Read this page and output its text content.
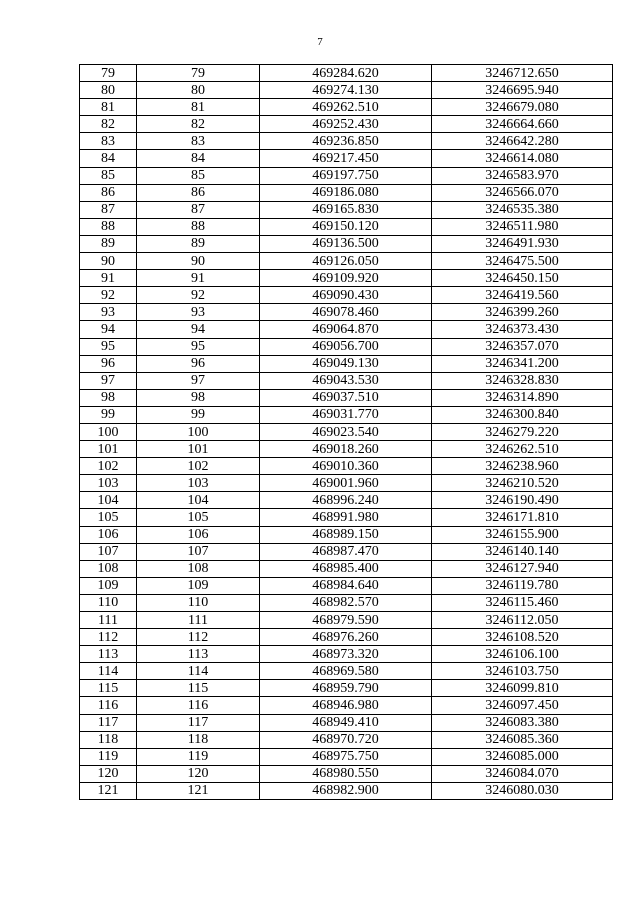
7
79	79	469284.620	3246712.650
80	80	469274.130	3246695.940
81	81	469262.510	3246679.080
82	82	469252.430	3246664.660
83	83	469236.850	3246642.280
84	84	469217.450	3246614.080
85	85	469197.750	3246583.970
86	86	469186.080	3246566.070
87	87	469165.830	3246535.380
88	88	469150.120	3246511.980
89	89	469136.500	3246491.930
90	90	469126.050	3246475.500
91	91	469109.920	3246450.150
92	92	469090.430	3246419.560
93	93	469078.460	3246399.260
94	94	469064.870	3246373.430
95	95	469056.700	3246357.070
96	96	469049.130	3246341.200
97	97	469043.530	3246328.830
98	98	469037.510	3246314.890
99	99	469031.770	3246300.840
100	100	469023.540	3246279.220
101	101	469018.260	3246262.510
102	102	469010.360	3246238.960
103	103	469001.960	3246210.520
104	104	468996.240	3246190.490
105	105	468991.980	3246171.810
106	106	468989.150	3246155.900
107	107	468987.470	3246140.140
108	108	468985.400	3246127.940
109	109	468984.640	3246119.780
110	110	468982.570	3246115.460
111	111	468979.590	3246112.050
112	112	468976.260	3246108.520
113	113	468973.320	3246106.100
114	114	468969.580	3246103.750
115	115	468959.790	3246099.810
116	116	468946.980	3246097.450
117	117	468949.410	3246083.380
118	118	468970.720	3246085.360
119	119	468975.750	3246085.000
120	120	468980.550	3246084.070
121	121	468982.900	3246080.030
